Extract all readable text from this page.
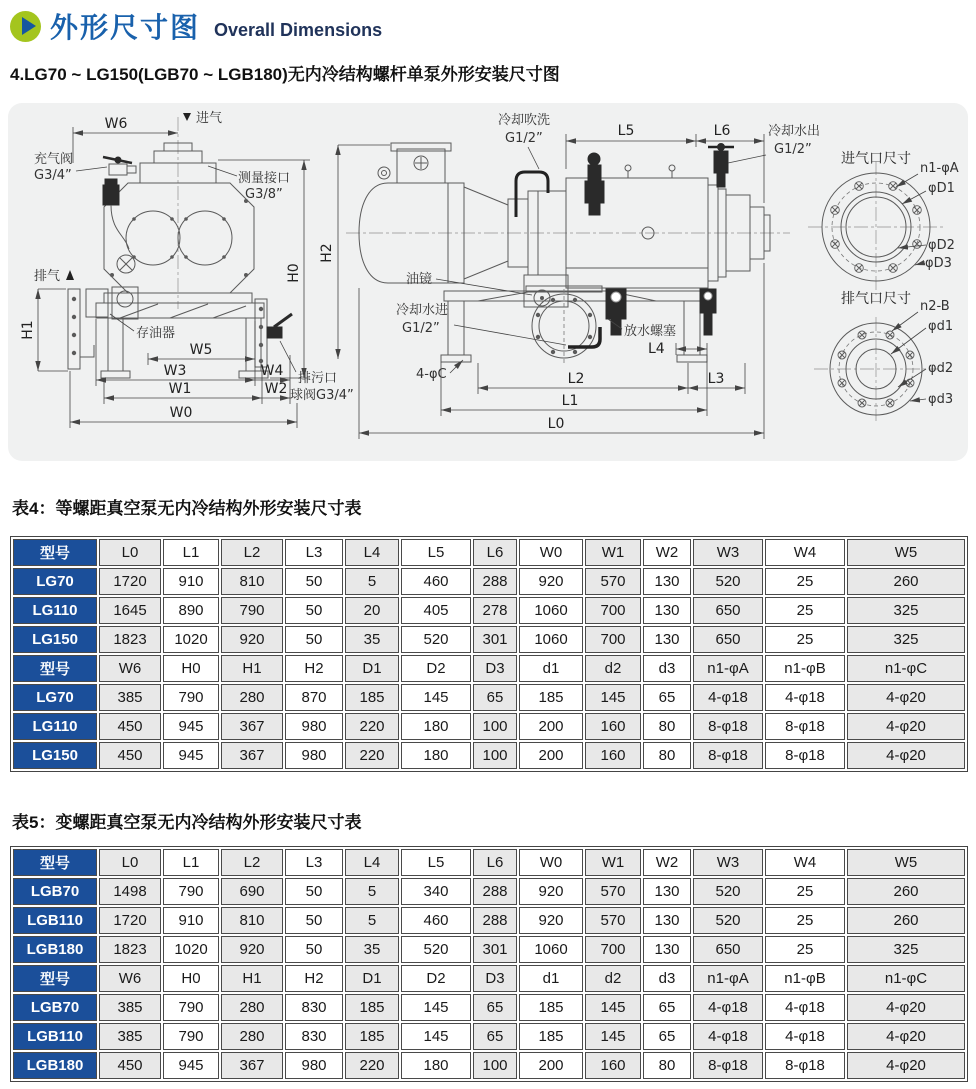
外形尺寸图 Overall Dimensions
4.LG70 ~ LG150(LGB70 ~ LGB180)无内冷结构螺杆单泵外形安装尺寸图
W6	进气
充气阀
G3/4”	测量接口
G3/8”
H0
排气
H1	存油器
W5
W3	W4
W1	W2
W0
排污口
球阀G3/4”
H2
L5	L6
冷却吹洗
G1/2”	冷却水出
G1/2”
油镜
冷却水进
G1/2”	放水螺塞
L4
4-φC	L2	L3
L1
L0
进气口尺寸
n1-φA
φD1
φD2
φD3
排气口尺寸 n2-B
φd1
φd2
φd3
表4：等螺距真空泵无内冷结构外形安装尺寸表
型号	L0	L1	L2	L3	L4	L5	L6	W0	W1	W2	W3	W4	W5
LG70	1720	910	810	50	5	460	288	920	570	130	520	25	260
LG110	1645	890	790	50	20	405	278	1060	700	130	650	25	325
LG150	1823	1020	920	50	35	520	301	1060	700	130	650	25	325
型号	W6	H0	H1	H2	D1	D2	D3	d1	d2	d3	n1-φA	n1-φB	n1-φC
LG70	385	790	280	870	185	145	65	185	145	65	4-φ18	4-φ18	4-φ20
LG110	450	945	367	980	220	180	100	200	160	80	8-φ18	8-φ18	4-φ20
LG150	450	945	367	980	220	180	100	200	160	80	8-φ18	8-φ18	4-φ20
表5：变螺距真空泵无内冷结构外形安装尺寸表
型号	L0	L1	L2	L3	L4	L5	L6	W0	W1	W2	W3	W4	W5
LGB70	1498	790	690	50	5	340	288	920	570	130	520	25	260
LGB110	1720	910	810	50	5	460	288	920	570	130	520	25	260
LGB180	1823	1020	920	50	35	520	301	1060	700	130	650	25	325
型号	W6	H0	H1	H2	D1	D2	D3	d1	d2	d3	n1-φA	n1-φB	n1-φC
LGB70	385	790	280	830	185	145	65	185	145	65	4-φ18	4-φ18	4-φ20
LGB110	385	790	280	830	185	145	65	185	145	65	4-φ18	4-φ18	4-φ20
LGB180	450	945	367	980	220	180	100	200	160	80	8-φ18	8-φ18	4-φ20
